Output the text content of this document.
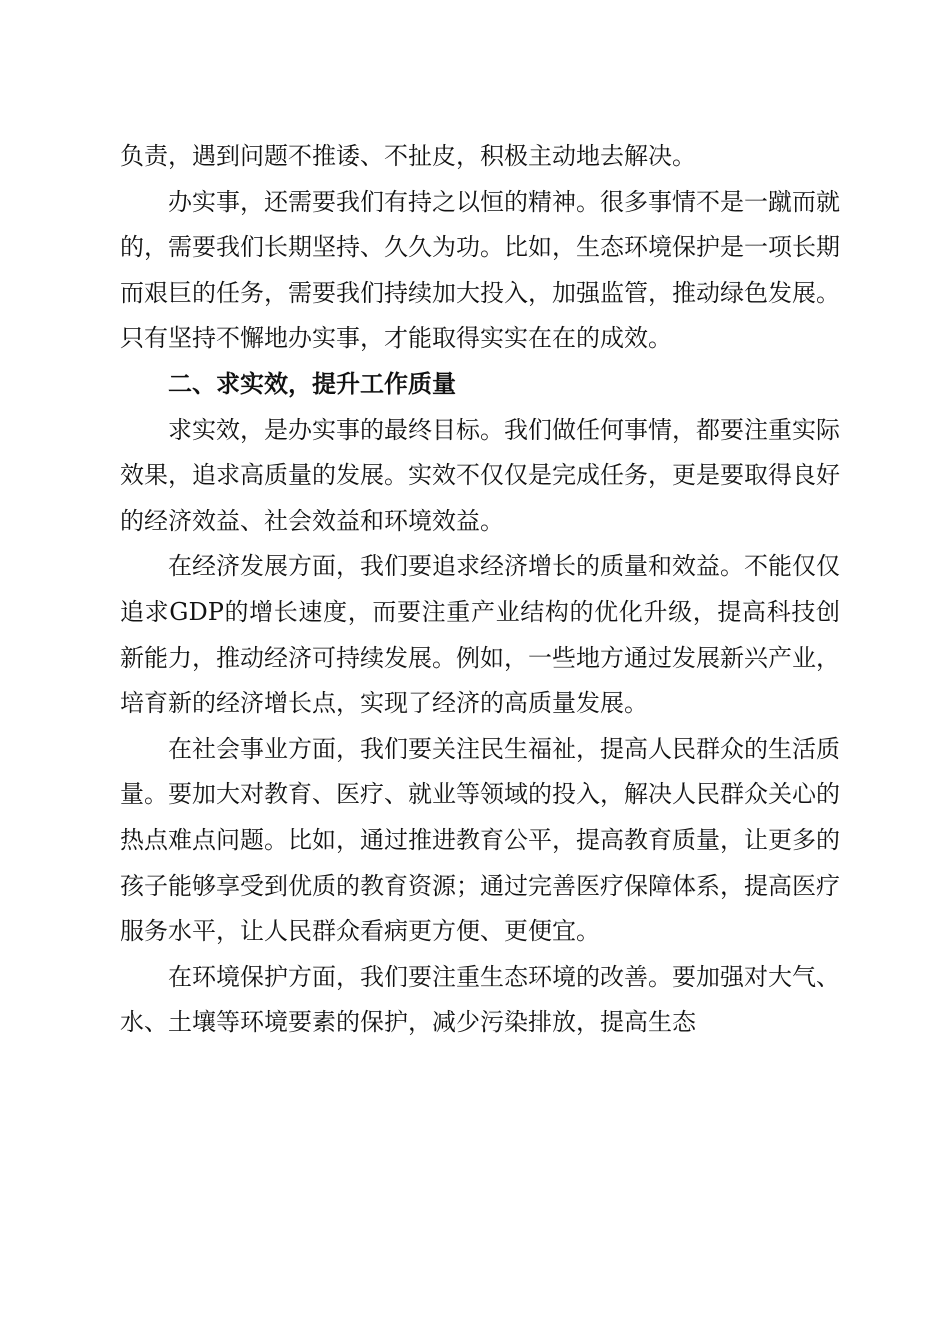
负责，遇到问题不推诿、不扯皮，积极主动地去解决。

办实事，还需要我们有持之以恒的精神。很多事情不是一蹴而就的，需要我们长期坚持、久久为功。比如，生态环境保护是一项长期而艰巨的任务，需要我们持续加大投入，加强监管，推动绿色发展。只有坚持不懈地办实事，才能取得实实在在的成效。

二、求实效，提升工作质量

求实效，是办实事的最终目标。我们做任何事情，都要注重实际效果，追求高质量的发展。实效不仅仅是完成任务，更是要取得良好的经济效益、社会效益和环境效益。

在经济发展方面，我们要追求经济增长的质量和效益。不能仅仅追求GDP的增长速度，而要注重产业结构的优化升级，提高科技创新能力，推动经济可持续发展。例如，一些地方通过发展新兴产业，培育新的经济增长点，实现了经济的高质量发展。

在社会事业方面，我们要关注民生福祉，提高人民群众的生活质量。要加大对教育、医疗、就业等领域的投入，解决人民群众关心的热点难点问题。比如，通过推进教育公平，提高教育质量，让更多的孩子能够享受到优质的教育资源；通过完善医疗保障体系，提高医疗服务水平，让人民群众看病更方便、更便宜。

在环境保护方面，我们要注重生态环境的改善。要加强对大气、水、土壤等环境要素的保护，减少污染排放，提高生态
